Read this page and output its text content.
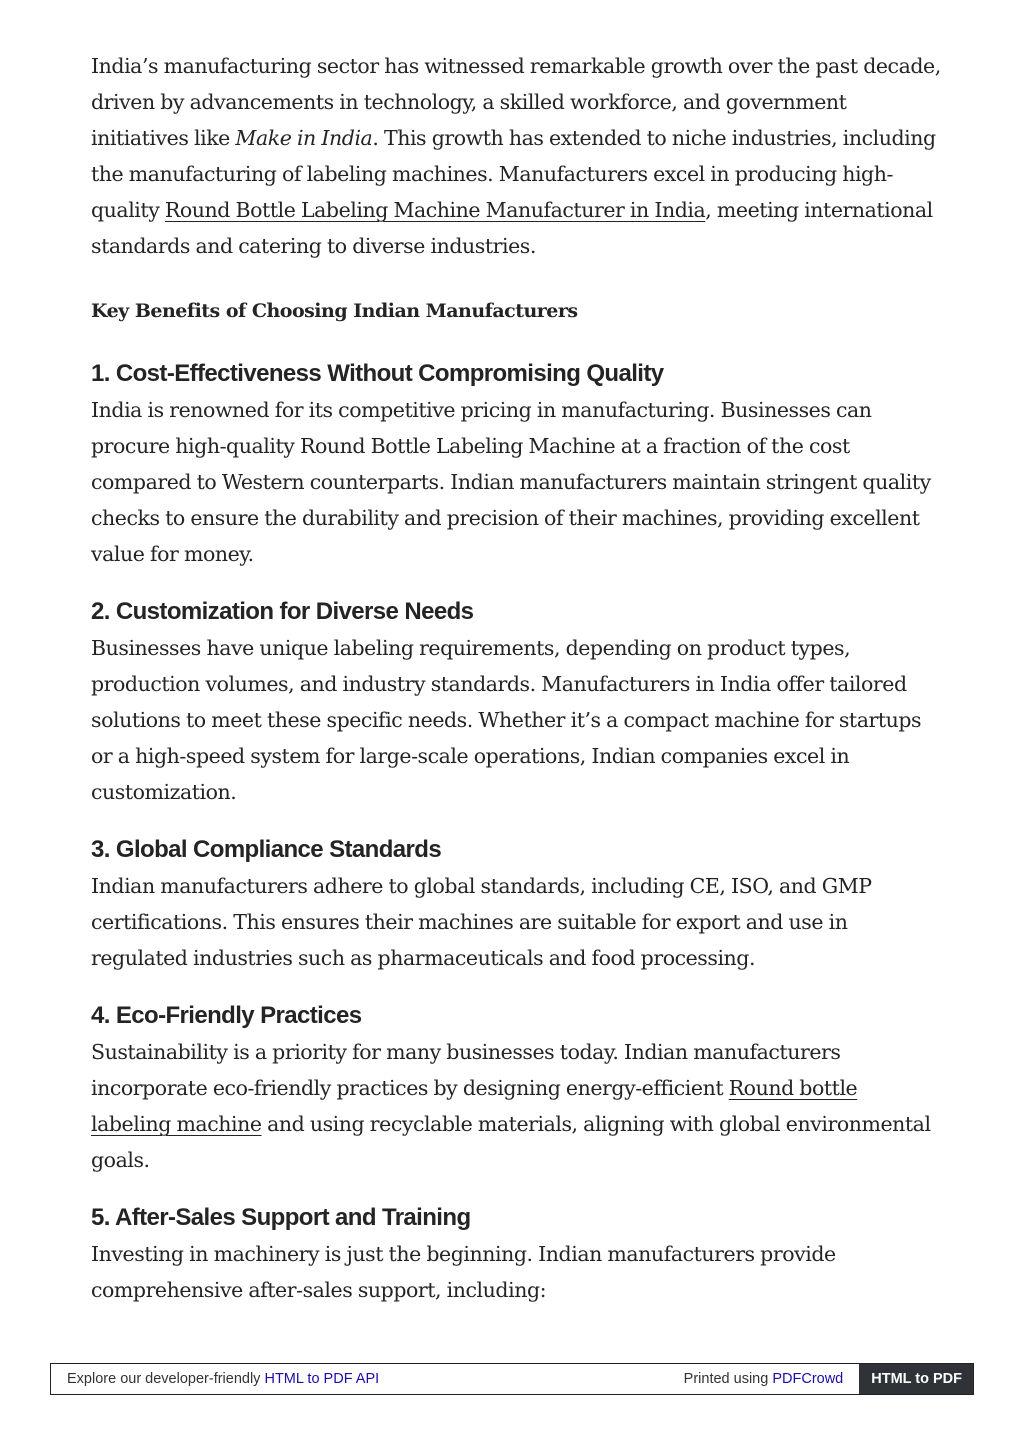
India’s manufacturing sector has witnessed remarkable growth over the past decade, driven by advancements in technology, a skilled workforce, and government initiatives like Make in India. This growth has extended to niche industries, including the manufacturing of labeling machines. Manufacturers excel in producing high-quality Round Bottle Labeling Machine Manufacturer in India, meeting international standards and catering to diverse industries.

Key Benefits of Choosing Indian Manufacturers
1. Cost-Effectiveness Without Compromising Quality

India is renowned for its competitive pricing in manufacturing. Businesses can procure high-quality Round Bottle Labeling Machine at a fraction of the cost compared to Western counterparts. Indian manufacturers maintain stringent quality checks to ensure the durability and precision of their machines, providing excellent value for money.

2. Customization for Diverse Needs

Businesses have unique labeling requirements, depending on product types, production volumes, and industry standards. Manufacturers in India offer tailored solutions to meet these specific needs. Whether it’s a compact machine for startups or a high-speed system for large-scale operations, Indian companies excel in customization.

3. Global Compliance Standards

Indian manufacturers adhere to global standards, including CE, ISO, and GMP certifications. This ensures their machines are suitable for export and use in regulated industries such as pharmaceuticals and food processing.

4. Eco-Friendly Practices

Sustainability is a priority for many businesses today. Indian manufacturers incorporate eco-friendly practices by designing energy-efficient Round bottle labeling machine and using recyclable materials, aligning with global environmental goals.

5. After-Sales Support and Training

Investing in machinery is just the beginning. Indian manufacturers provide comprehensive after-sales support, including:

Explore our developer-friendly HTML to PDF API	Printed using PDFCrowd	HTML to PDF
